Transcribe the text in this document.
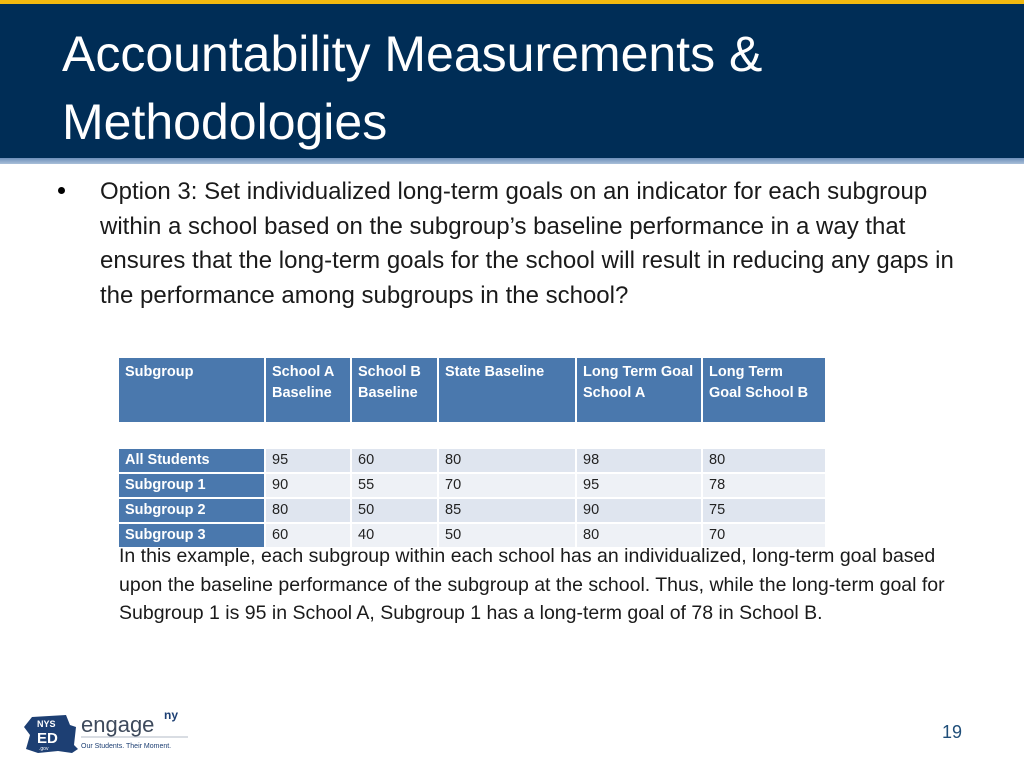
Accountability Measurements & Methodologies
Option 3: Set individualized long-term goals on an indicator for each subgroup within a school based on the subgroup’s baseline performance in a way that ensures that the long-term goals for the school will result in reducing any gaps in the performance among subgroups in the school?
Subgroup	School A Baseline	School B Baseline	State Baseline	Long Term Goal School A	Long Term Goal School B

All Students	95	60	80	98	80
Subgroup 1	90	55	70	95	78
Subgroup 2	80	50	85	90	75
Subgroup 3	60	40	50	80	70
In this example, each subgroup within each school has an individualized, long-term goal based upon the baseline performance of the subgroup at the school. Thus, while the long-term goal for Subgroup 1 is 95 in School A, Subgroup 1 has a long-term goal of 78 in School B.
NYS
ED
.gov
engage ny
Our Students. Their Moment.
19
